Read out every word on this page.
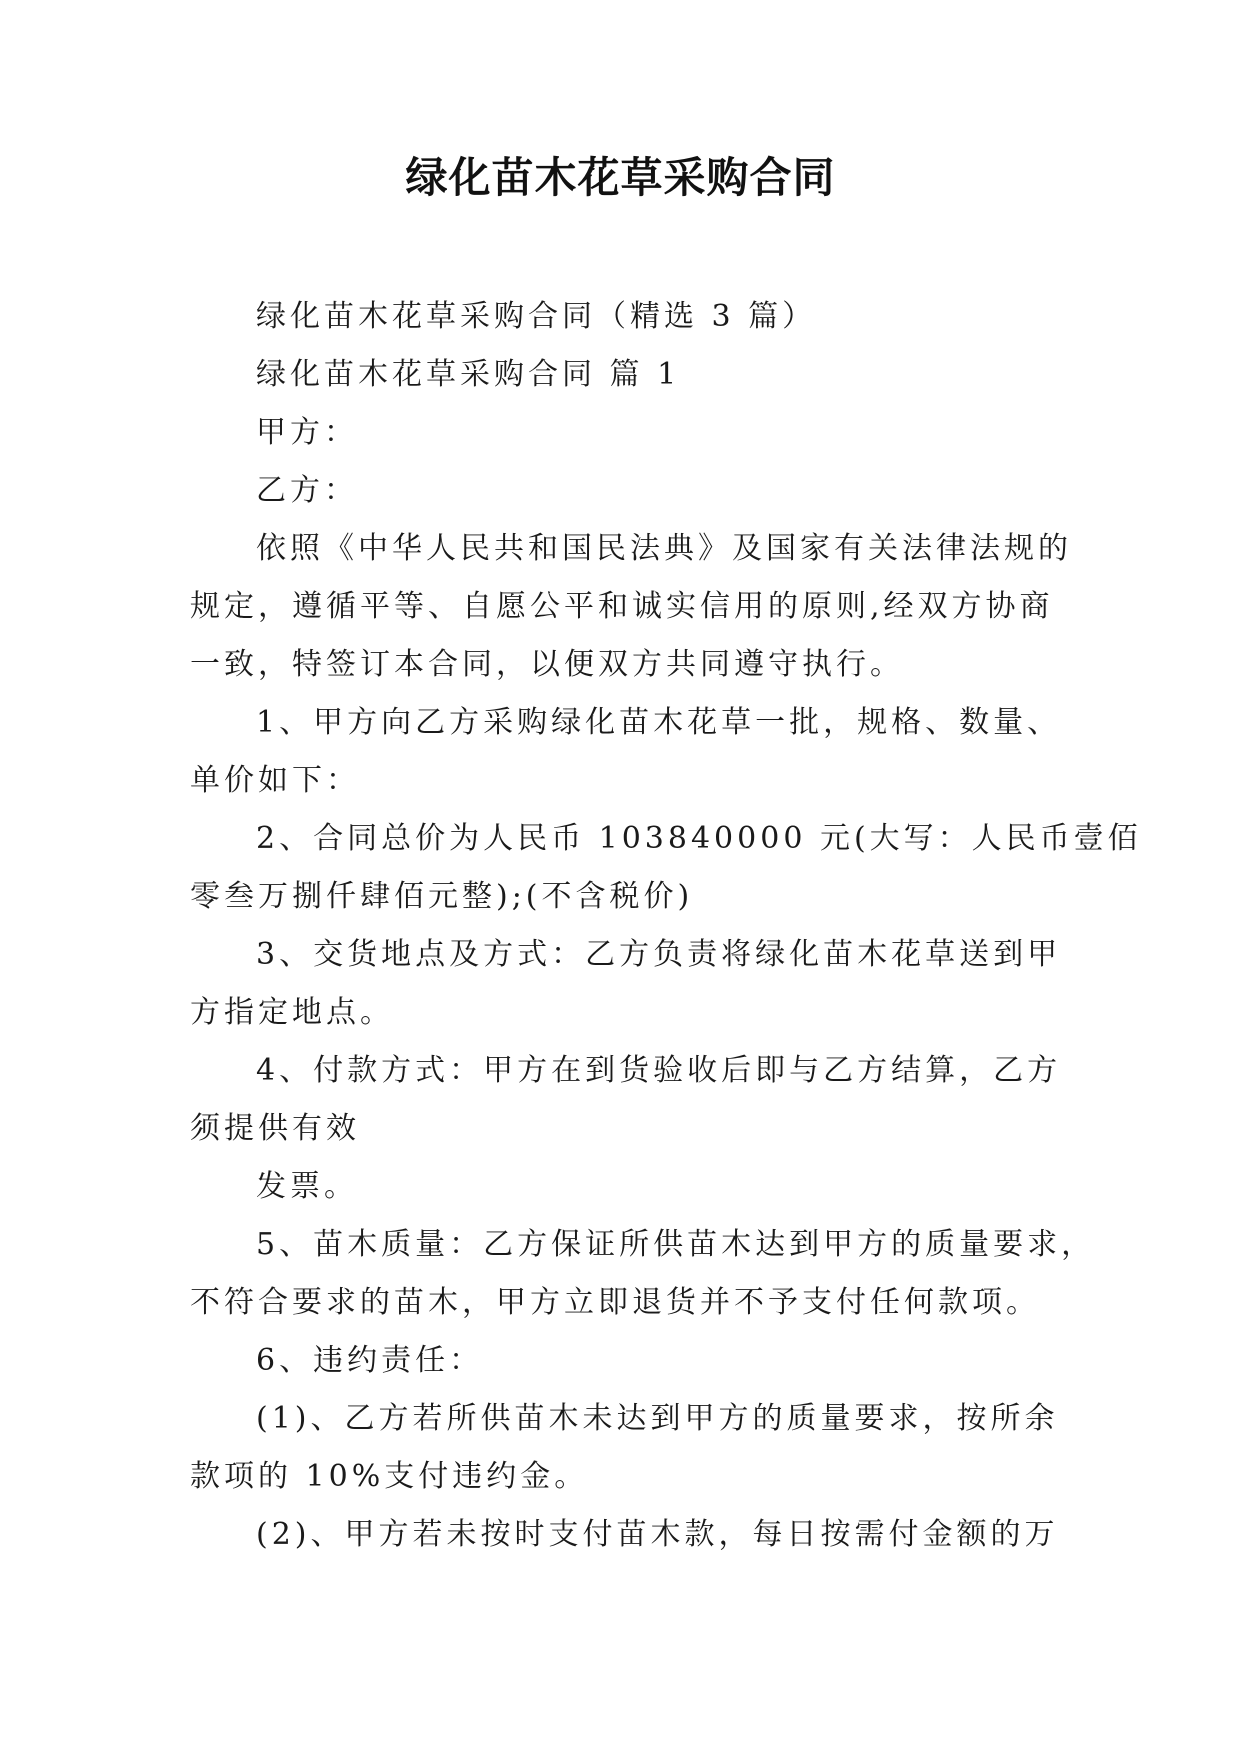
绿化苗木花草采购合同
绿化苗木花草采购合同（精选 3 篇）
绿化苗木花草采购合同 篇 1
甲方：
乙方：
依照《中华人民共和国民法典》及国家有关法律法规的
规定，遵循平等、自愿公平和诚实信用的原则,经双方协商
一致，特签订本合同，以便双方共同遵守执行。
1、甲方向乙方采购绿化苗木花草一批，规格、数量、
单价如下：
2、合同总价为人民币 103840000 元(大写：人民币壹佰
零叁万捌仟肆佰元整);(不含税价)
3、交货地点及方式：乙方负责将绿化苗木花草送到甲
方指定地点。
4、付款方式：甲方在到货验收后即与乙方结算，乙方
须提供有效
发票。
5、苗木质量：乙方保证所供苗木达到甲方的质量要求，
不符合要求的苗木，甲方立即退货并不予支付任何款项。
6、违约责任：
(1)、乙方若所供苗木未达到甲方的质量要求，按所余
款项的 10%支付违约金。
(2)、甲方若未按时支付苗木款，每日按需付金额的万
